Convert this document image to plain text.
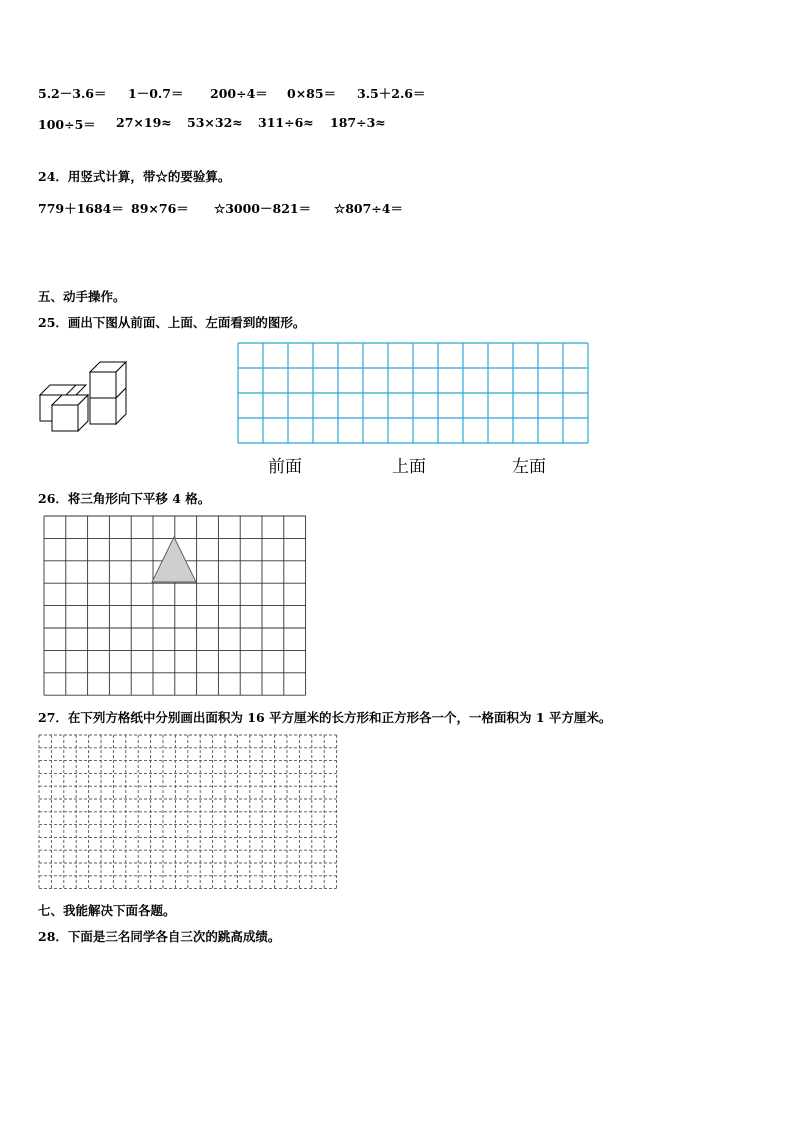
5.2－3.6＝ 1－0.7＝ 200÷4＝ 0×85＝ 3.5＋2.6＝
100÷5＝ 27×19≈ 53×32≈ 311÷6≈ 187÷3≈
24．用竖式计算，带☆的要验算。
779＋1684＝ 89×76＝ ☆3000－821＝ ☆807÷4＝
五、动手操作。
25．画出下图从前面、上面、左面看到的图形。
前面	上面	左面
26．将三角形向下平移 4 格。
27．在下列方格纸中分别画出面积为 16 平方厘米的长方形和正方形各一个，一格面积为 1 平方厘米。
七、我能解决下面各题。
28．下面是三名同学各自三次的跳高成绩。
